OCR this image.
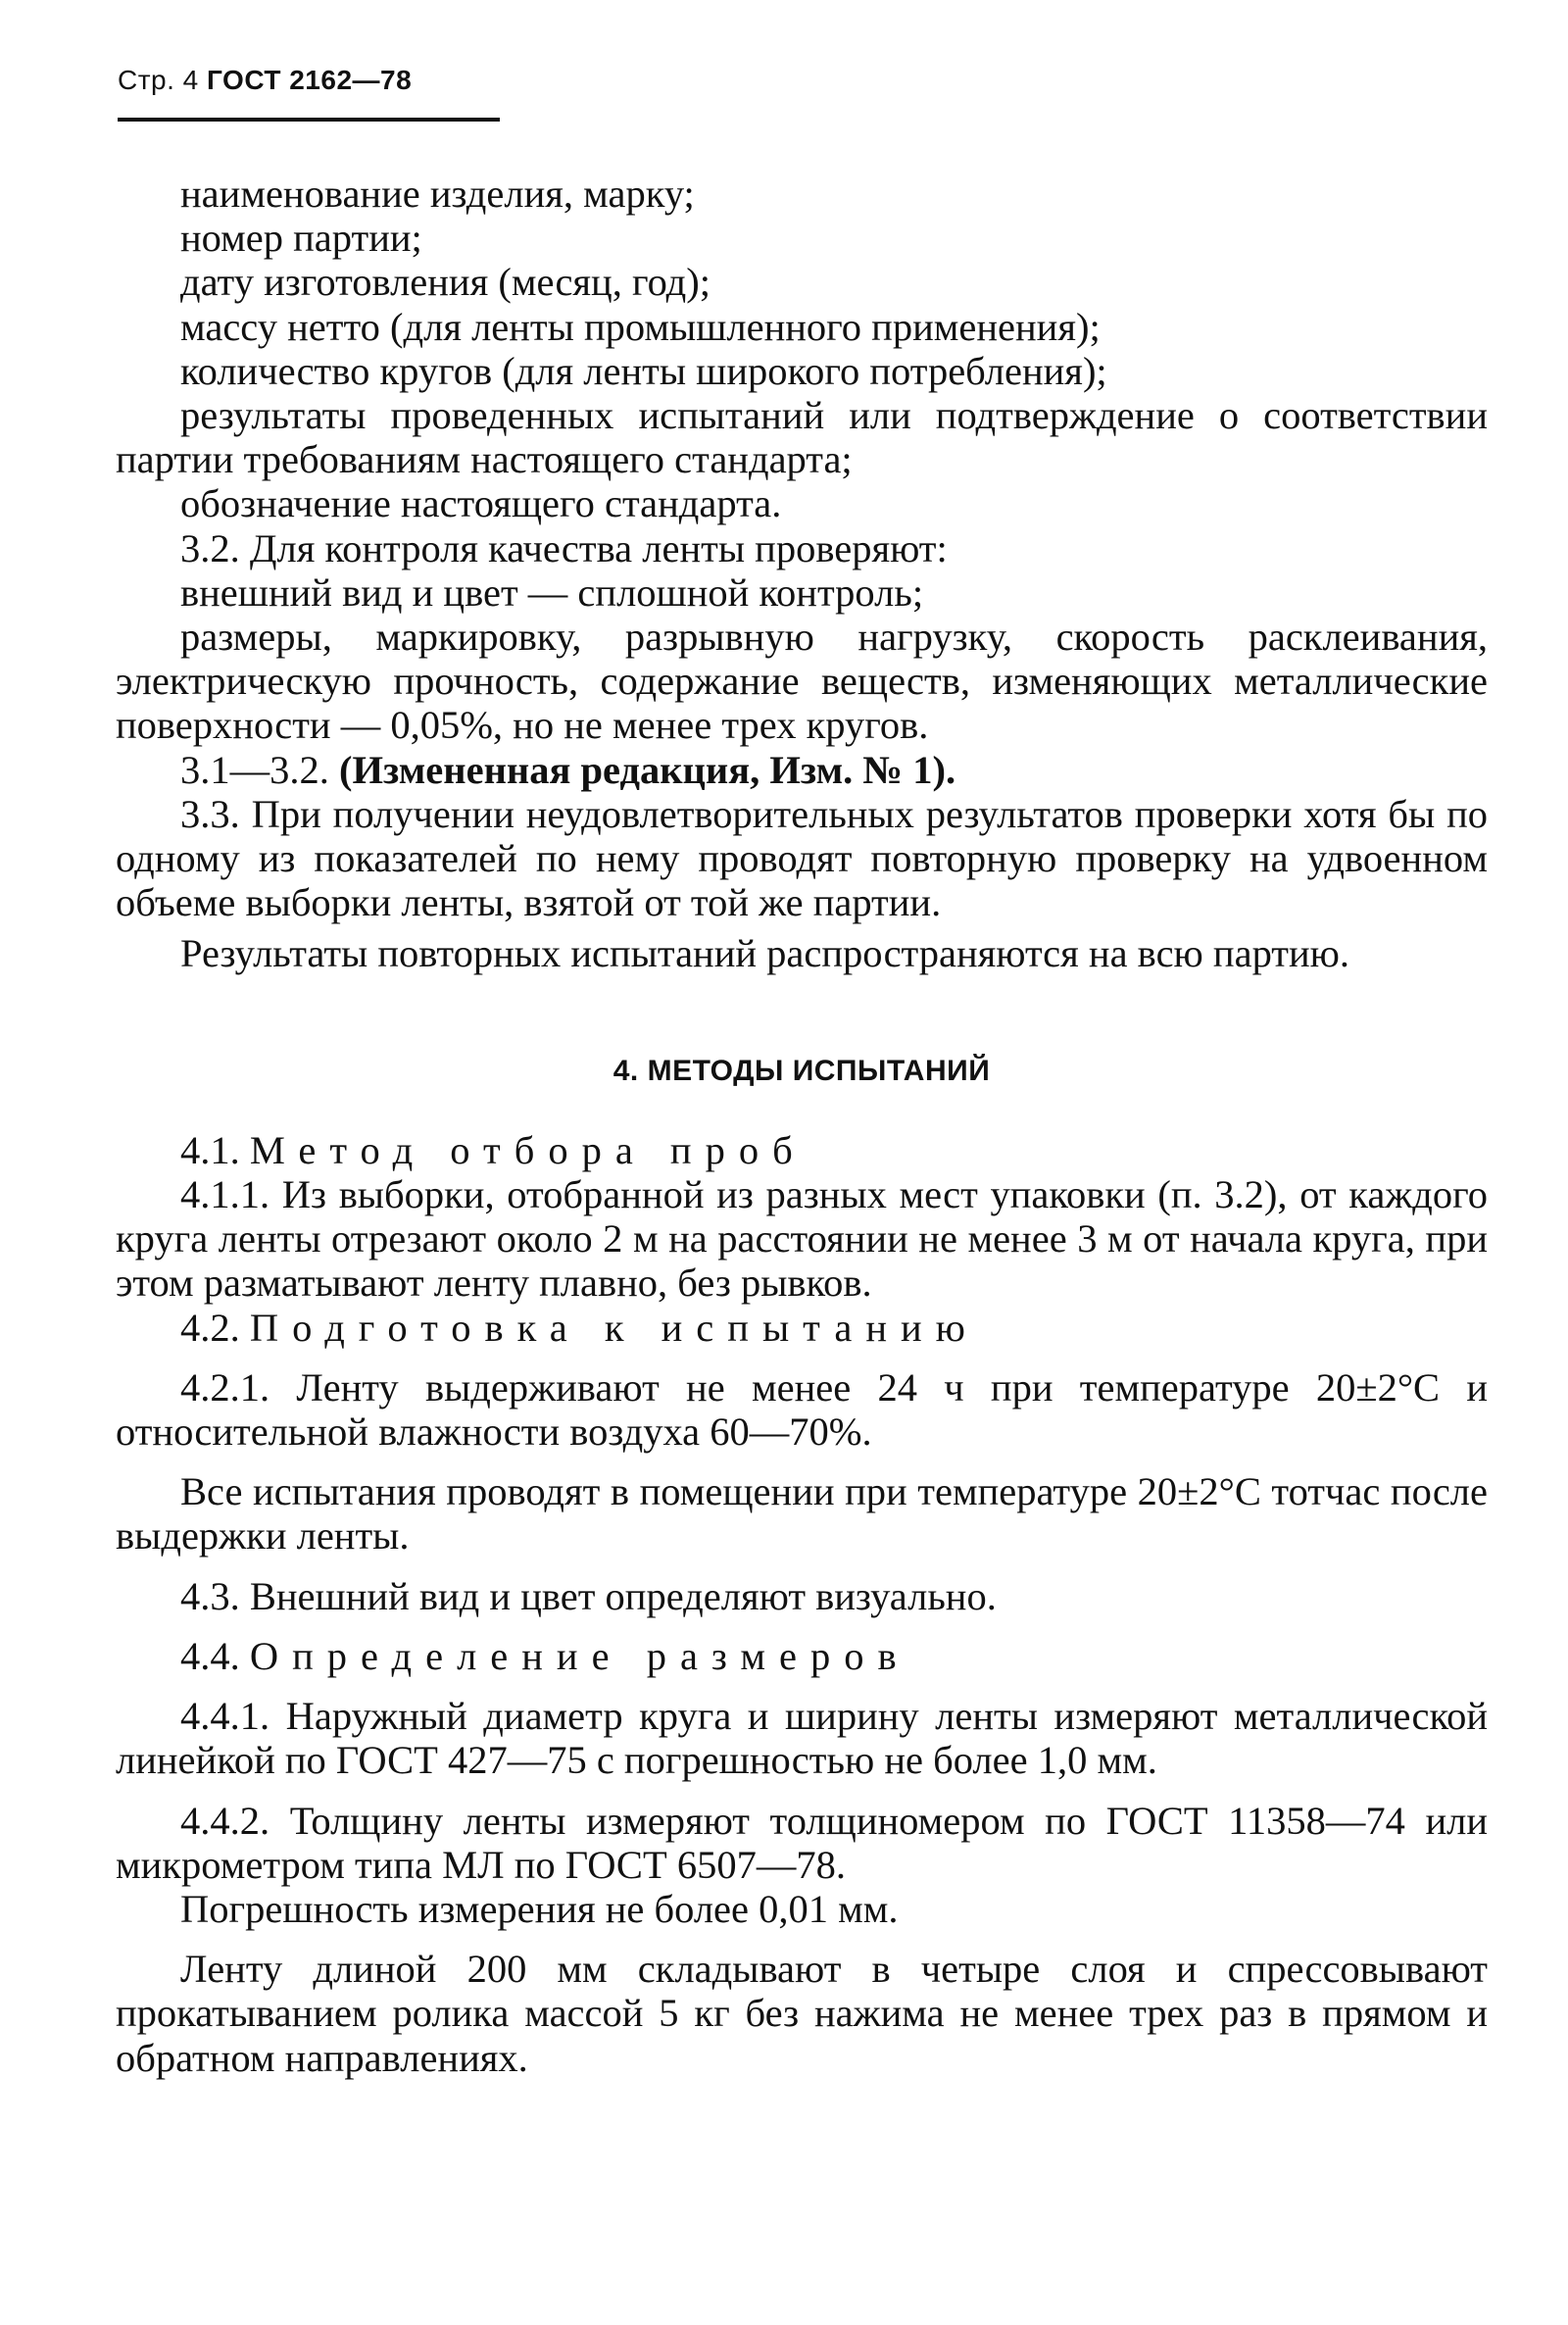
Стр. 4 ГОСТ 2162—78

наименование изделия, марку;

номер партии;

дату изготовления (месяц, год);

массу нетто (для ленты промышленного применения);

количество кругов (для ленты широкого потребления);

результаты проведенных испытаний или подтверждение о соответствии партии требованиям настоящего стандарта;

обозначение настоящего стандарта.

3.2. Для контроля качества ленты проверяют:

внешний вид и цвет — сплошной контроль;

размеры, маркировку, разрывную нагрузку, скорость расклеивания, электрическую прочность, содержание веществ, изменяющих металлические поверхности — 0,05%, но не менее трех кругов.

3.1—3.2. (Измененная редакция, Изм. № 1).

3.3. При получении неудовлетворительных результатов проверки хотя бы по одному из показателей по нему проводят повторную проверку на удвоенном объеме выборки ленты, взятой от той же партии.

Результаты повторных испытаний распространяются на всю партию.

4. МЕТОДЫ ИСПЫТАНИЙ

4.1. Метод отбора проб

4.1.1. Из выборки, отобранной из разных мест упаковки (п. 3.2), от каждого круга ленты отрезают около 2 м на расстоянии не менее 3 м от начала круга, при этом разматывают ленту плавно, без рывков.

4.2. Подготовка к испытанию

4.2.1. Ленту выдерживают не менее 24 ч при температуре 20±2°С и относительной влажности воздуха 60—70%.

Все испытания проводят в помещении при температуре 20±2°С тотчас после выдержки ленты.

4.3. Внешний вид и цвет определяют визуально.

4.4. Определение размеров

4.4.1. Наружный диаметр круга и ширину ленты измеряют металлической линейкой по ГОСТ 427—75 с погрешностью не более 1,0 мм.

4.4.2. Толщину ленты измеряют толщиномером по ГОСТ 11358—74 или микрометром типа МЛ по ГОСТ 6507—78.

Погрешность измерения не более 0,01 мм.

Ленту длиной 200 мм складывают в четыре слоя и спрессовывают прокатыванием ролика массой 5 кг без нажима не менее трех раз в прямом и обратном направлениях.
